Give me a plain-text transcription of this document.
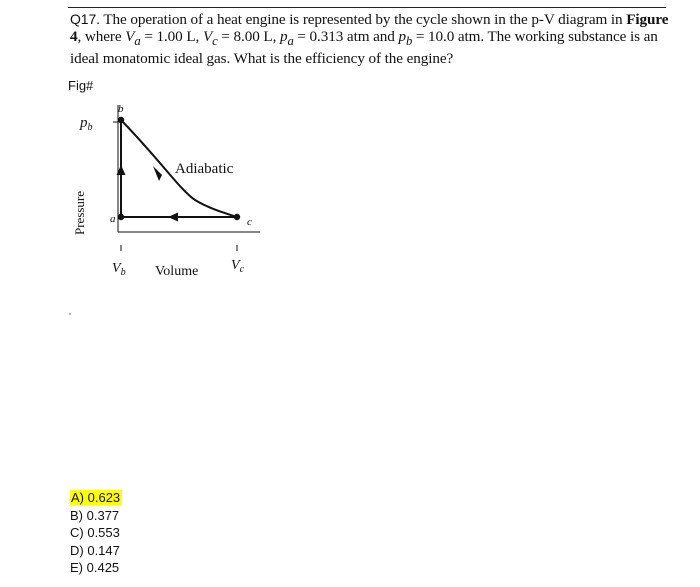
Q17. The operation of a heat engine is represented by the cycle shown in the p-V diagram in Figure 4, where $V_a = 1.00$ L, $V_c = 8.00$ L, $p_a = 0.313$ atm and $p_b = 10.0$ atm. The working substance is an ideal monatomic ideal gas. What is the efficiency of the engine?
Fig#
$p_b$
Pressure
b
a	c
Adiabatic
$V_b$ Volume $V_c$
A) 0.623
B) 0.377
C) 0.553
D) 0.147
E) 0.425
